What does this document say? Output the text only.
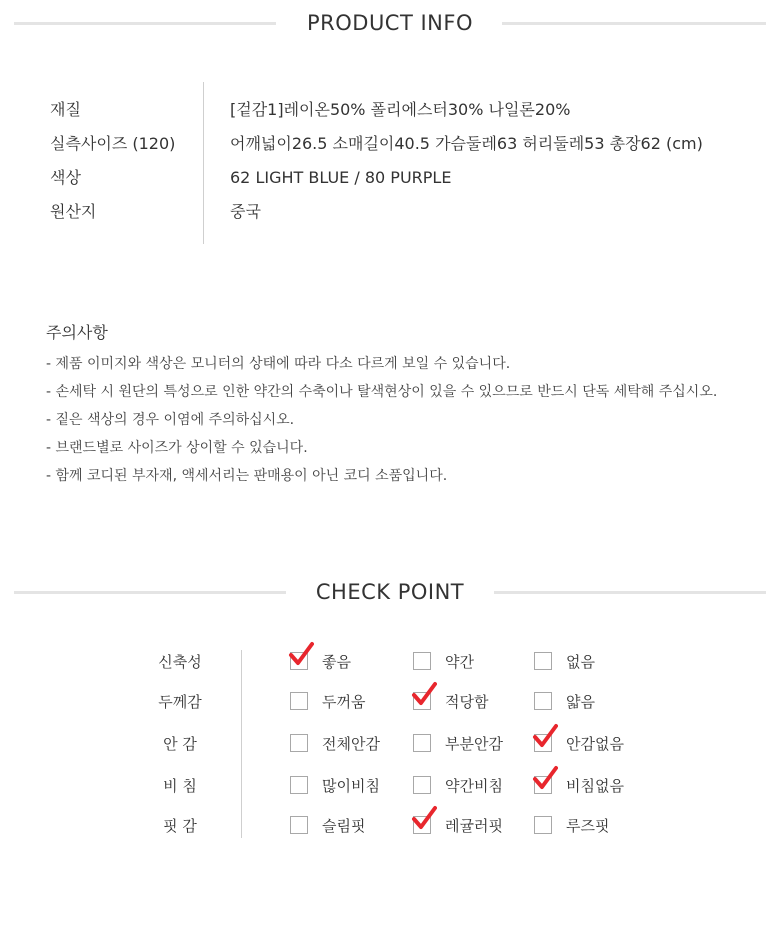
PRODUCT INFO
재질	[겉감1]레이온50% 폴리에스터30% 나일론20%
실측사이즈 (120)	어깨넓이26.5 소매길이40.5 가슴둘레63 허리둘레53 총장62 (cm)
색상	62 LIGHT BLUE / 80 PURPLE
원산지	중국
주의사항
- 제품 이미지와 색상은 모니터의 상태에 따라 다소 다르게 보일 수 있습니다.
- 손세탁 시 원단의 특성으로 인한 약간의 수축이나 탈색현상이 있을 수 있으므로 반드시 단독 세탁해 주십시오.
- 짙은 색상의 경우 이염에 주의하십시오.
- 브랜드별로 사이즈가 상이할 수 있습니다.
- 함께 코디된 부자재, 액세서리는 판매용이 아닌 코디 소품입니다.
CHECK POINT
신축성	좋음	약간	없음
두께감	두꺼움	적당함	얇음
안 감	전체안감	부분안감	안감없음
비 침	많이비침	약간비침	비침없음
핏 감	슬림핏	레귤러핏	루즈핏
